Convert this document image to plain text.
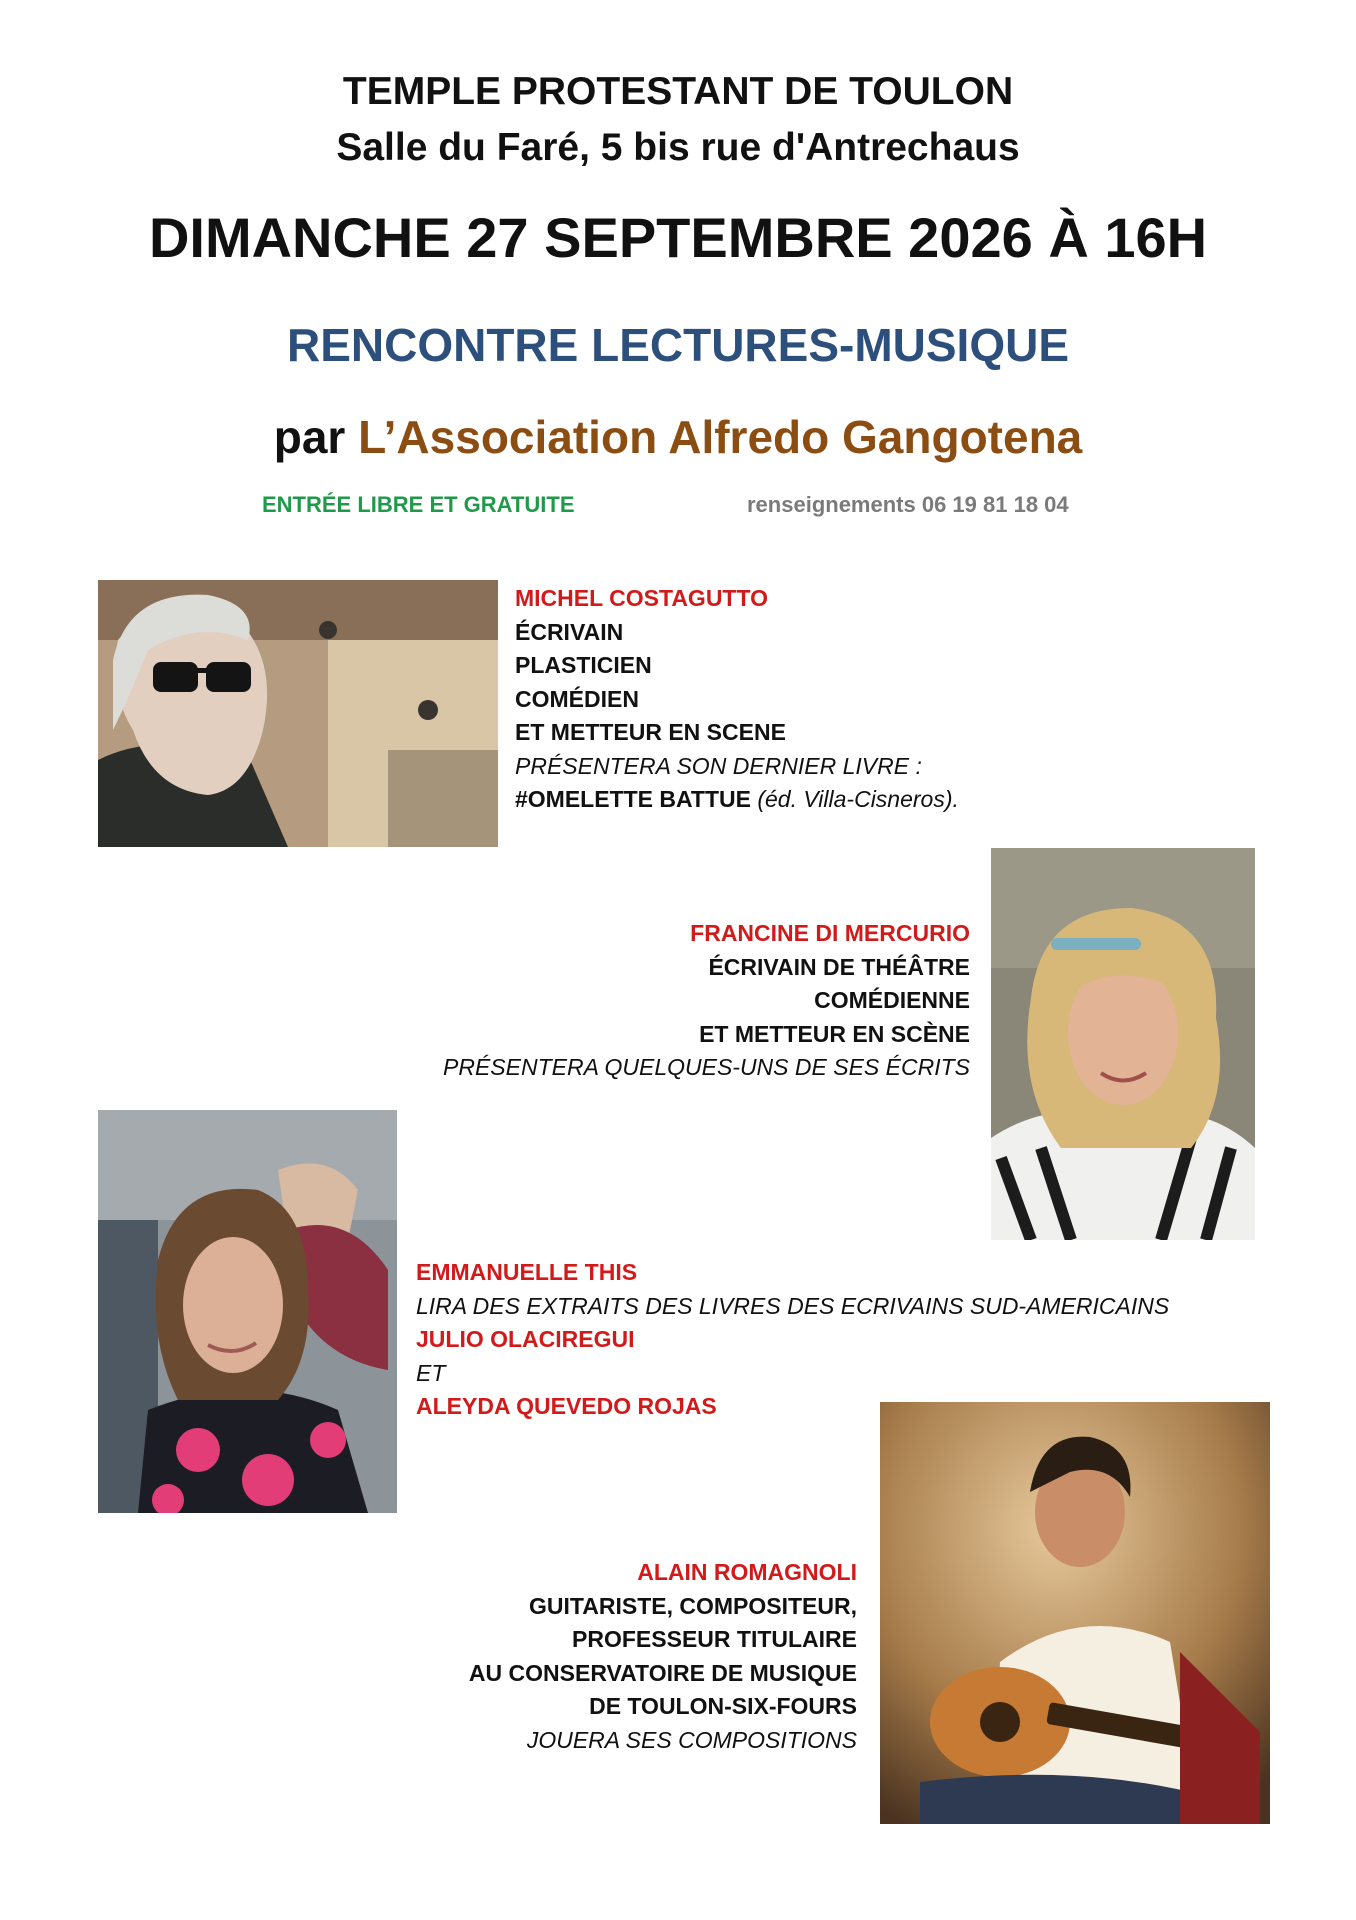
TEMPLE PROTESTANT DE TOULON
Salle du Faré, 5 bis rue d'Antrechaus
DIMANCHE 27 SEPTEMBRE 2026 À 16H
RENCONTRE LECTURES-MUSIQUE
par L’Association Alfredo Gangotena
ENTRÉE LIBRE ET GRATUITE	renseignements 06 19 81 18 04
MICHEL COSTAGUTTO
ÉCRIVAIN
PLASTICIEN
COMÉDIEN
ET METTEUR EN SCENE
PRÉSENTERA SON DERNIER LIVRE :
#OMELETTE BATTUE (éd. Villa-Cisneros).
FRANCINE DI MERCURIO
ÉCRIVAIN DE THÉÂTRE
COMÉDIENNE
ET METTEUR EN SCÈNE
PRÉSENTERA QUELQUES-UNS DE SES ÉCRITS
EMMANUELLE THIS
LIRA DES EXTRAITS DES LIVRES DES ECRIVAINS SUD-AMERICAINS
JULIO OLACIREGUI
ET
ALEYDA QUEVEDO ROJAS
ALAIN ROMAGNOLI
GUITARISTE, COMPOSITEUR,
PROFESSEUR TITULAIRE
AU CONSERVATOIRE DE MUSIQUE
DE TOULON-SIX-FOURS
JOUERA SES COMPOSITIONS
